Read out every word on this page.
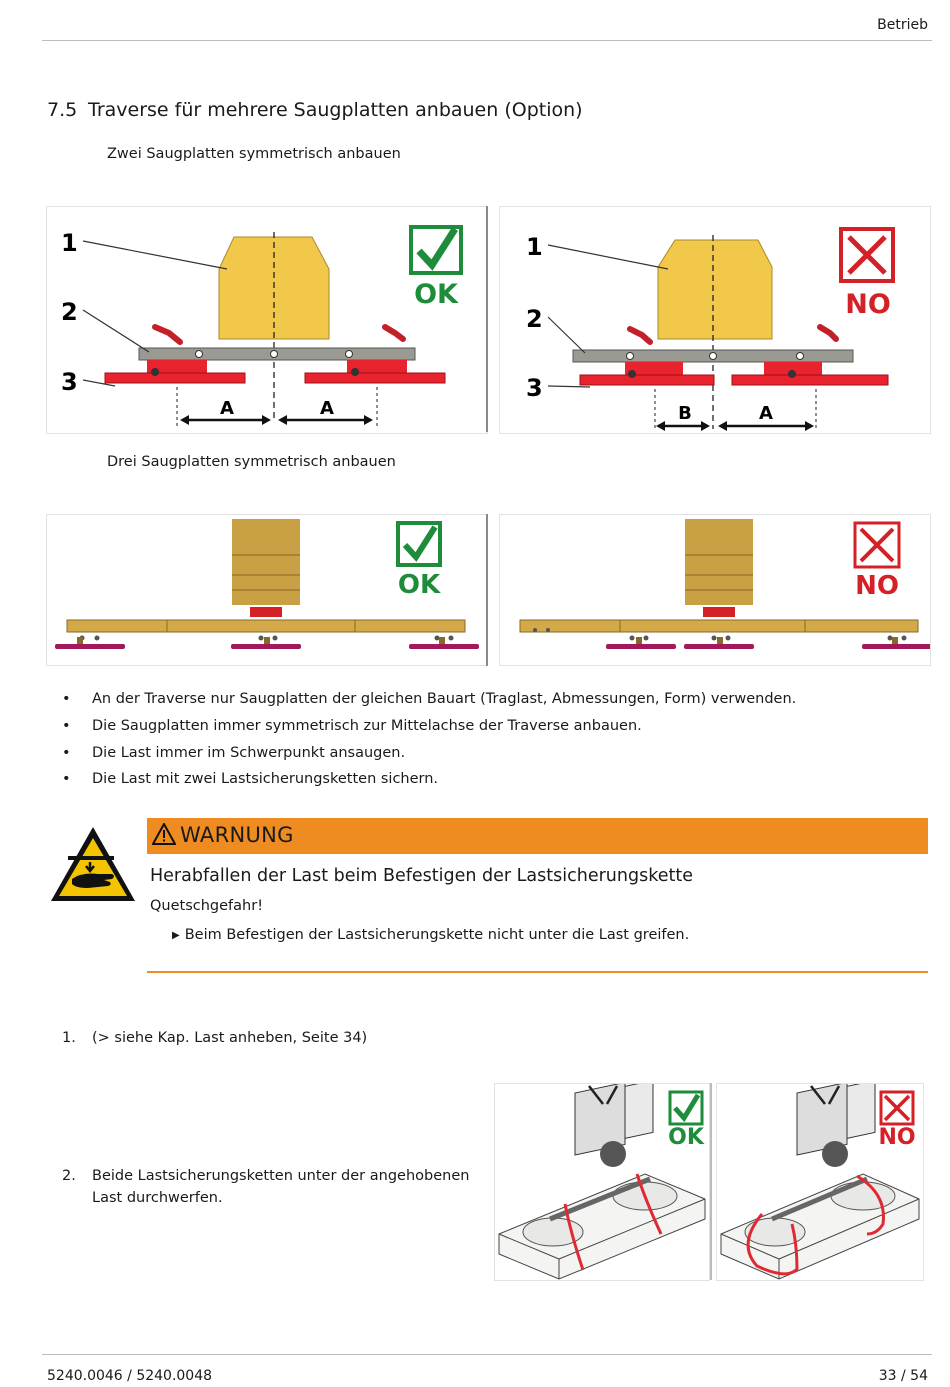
Betrieb
7.5 Traverse für mehrere Saugplatten anbauen (Option)
Zwei Saugplatten symmetrisch anbauen
A	A
1
2
3
OK
B	A
1
2
3
NO
Drei Saugplatten symmetrisch anbauen
OK	NO
•	An der Traverse nur Saugplatten der gleichen Bauart (Traglast, Abmessungen, Form) verwenden.
•	Die Saugplatten immer symmetrisch zur Mittelachse der Traverse anbauen.
•	Die Last immer im Schwerpunkt ansaugen.
•	Die Last mit zwei Lastsicherungsketten sichern.
WARNUNG
Herabfallen der Last beim Befestigen der Lastsicherungskette
Quetschgefahr!
▶ Beim Befestigen der Lastsicherungskette nicht unter die Last greifen.
1. (> siehe Kap. Last anheben, Seite 34)
2. Beide Lastsicherungsketten unter der angehobenen Last durchwerfen.
OK	NO
5240.0046 / 5240.0048	33 / 54
